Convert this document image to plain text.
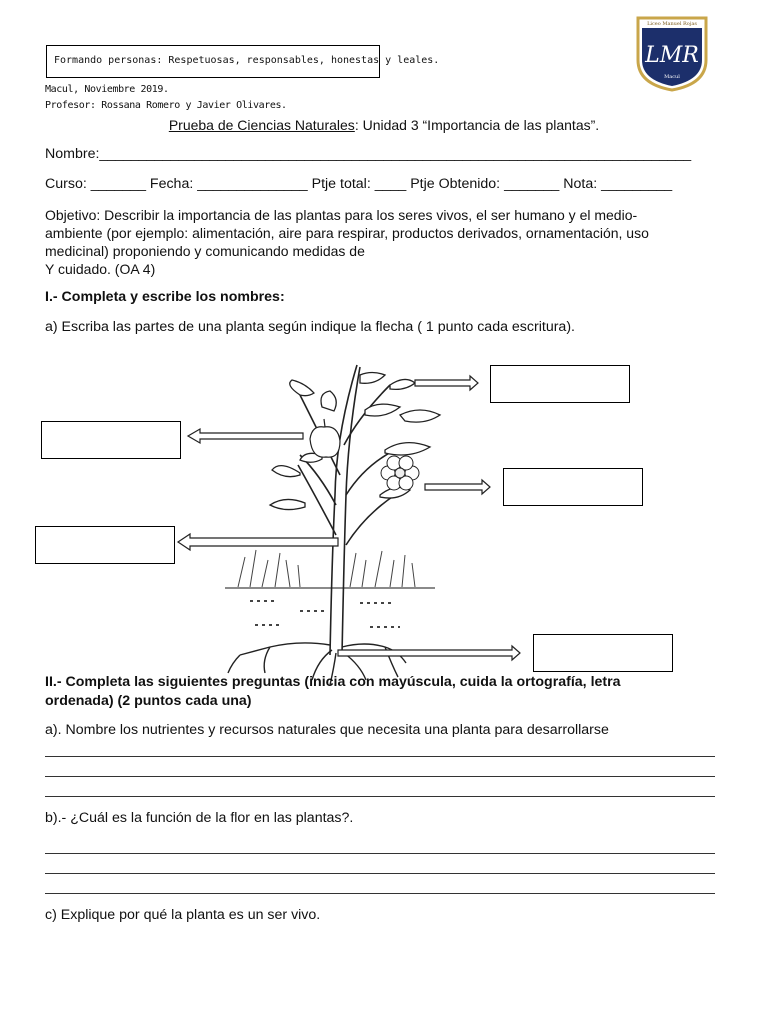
Formando personas: Respetuosas, responsables, honestas y leales.
Macul, Noviembre 2019.
Profesor: Rossana Romero y Javier Olivares.
Liceo Manuel Rojas
LMR
Macul
Prueba de Ciencias Naturales: Unidad 3 “Importancia de las plantas”.
Nombre:___________________________________________________________________________
Curso: _______ Fecha: ______________ Ptje total: ____ Ptje Obtenido: _______ Nota: _________
Objetivo: Describir la importancia de las plantas para los seres vivos, el ser humano y el medio-
ambiente (por ejemplo: alimentación, aire para respirar, productos derivados, ornamentación, uso
medicinal) proponiendo y comunicando medidas de
Y cuidado. (OA 4)
I.- Completa y escribe los nombres:
a) Escriba las partes de una planta según indique la flecha ( 1 punto cada escritura).
II.- Completa las siguientes preguntas (inicia con mayúscula, cuida la ortografía, letra
ordenada) (2 puntos cada una)
a). Nombre los nutrientes y recursos naturales que necesita una planta para desarrollarse
b).- ¿Cuál es la función de la flor en las plantas?.
c) Explique por qué la planta es un ser vivo.
